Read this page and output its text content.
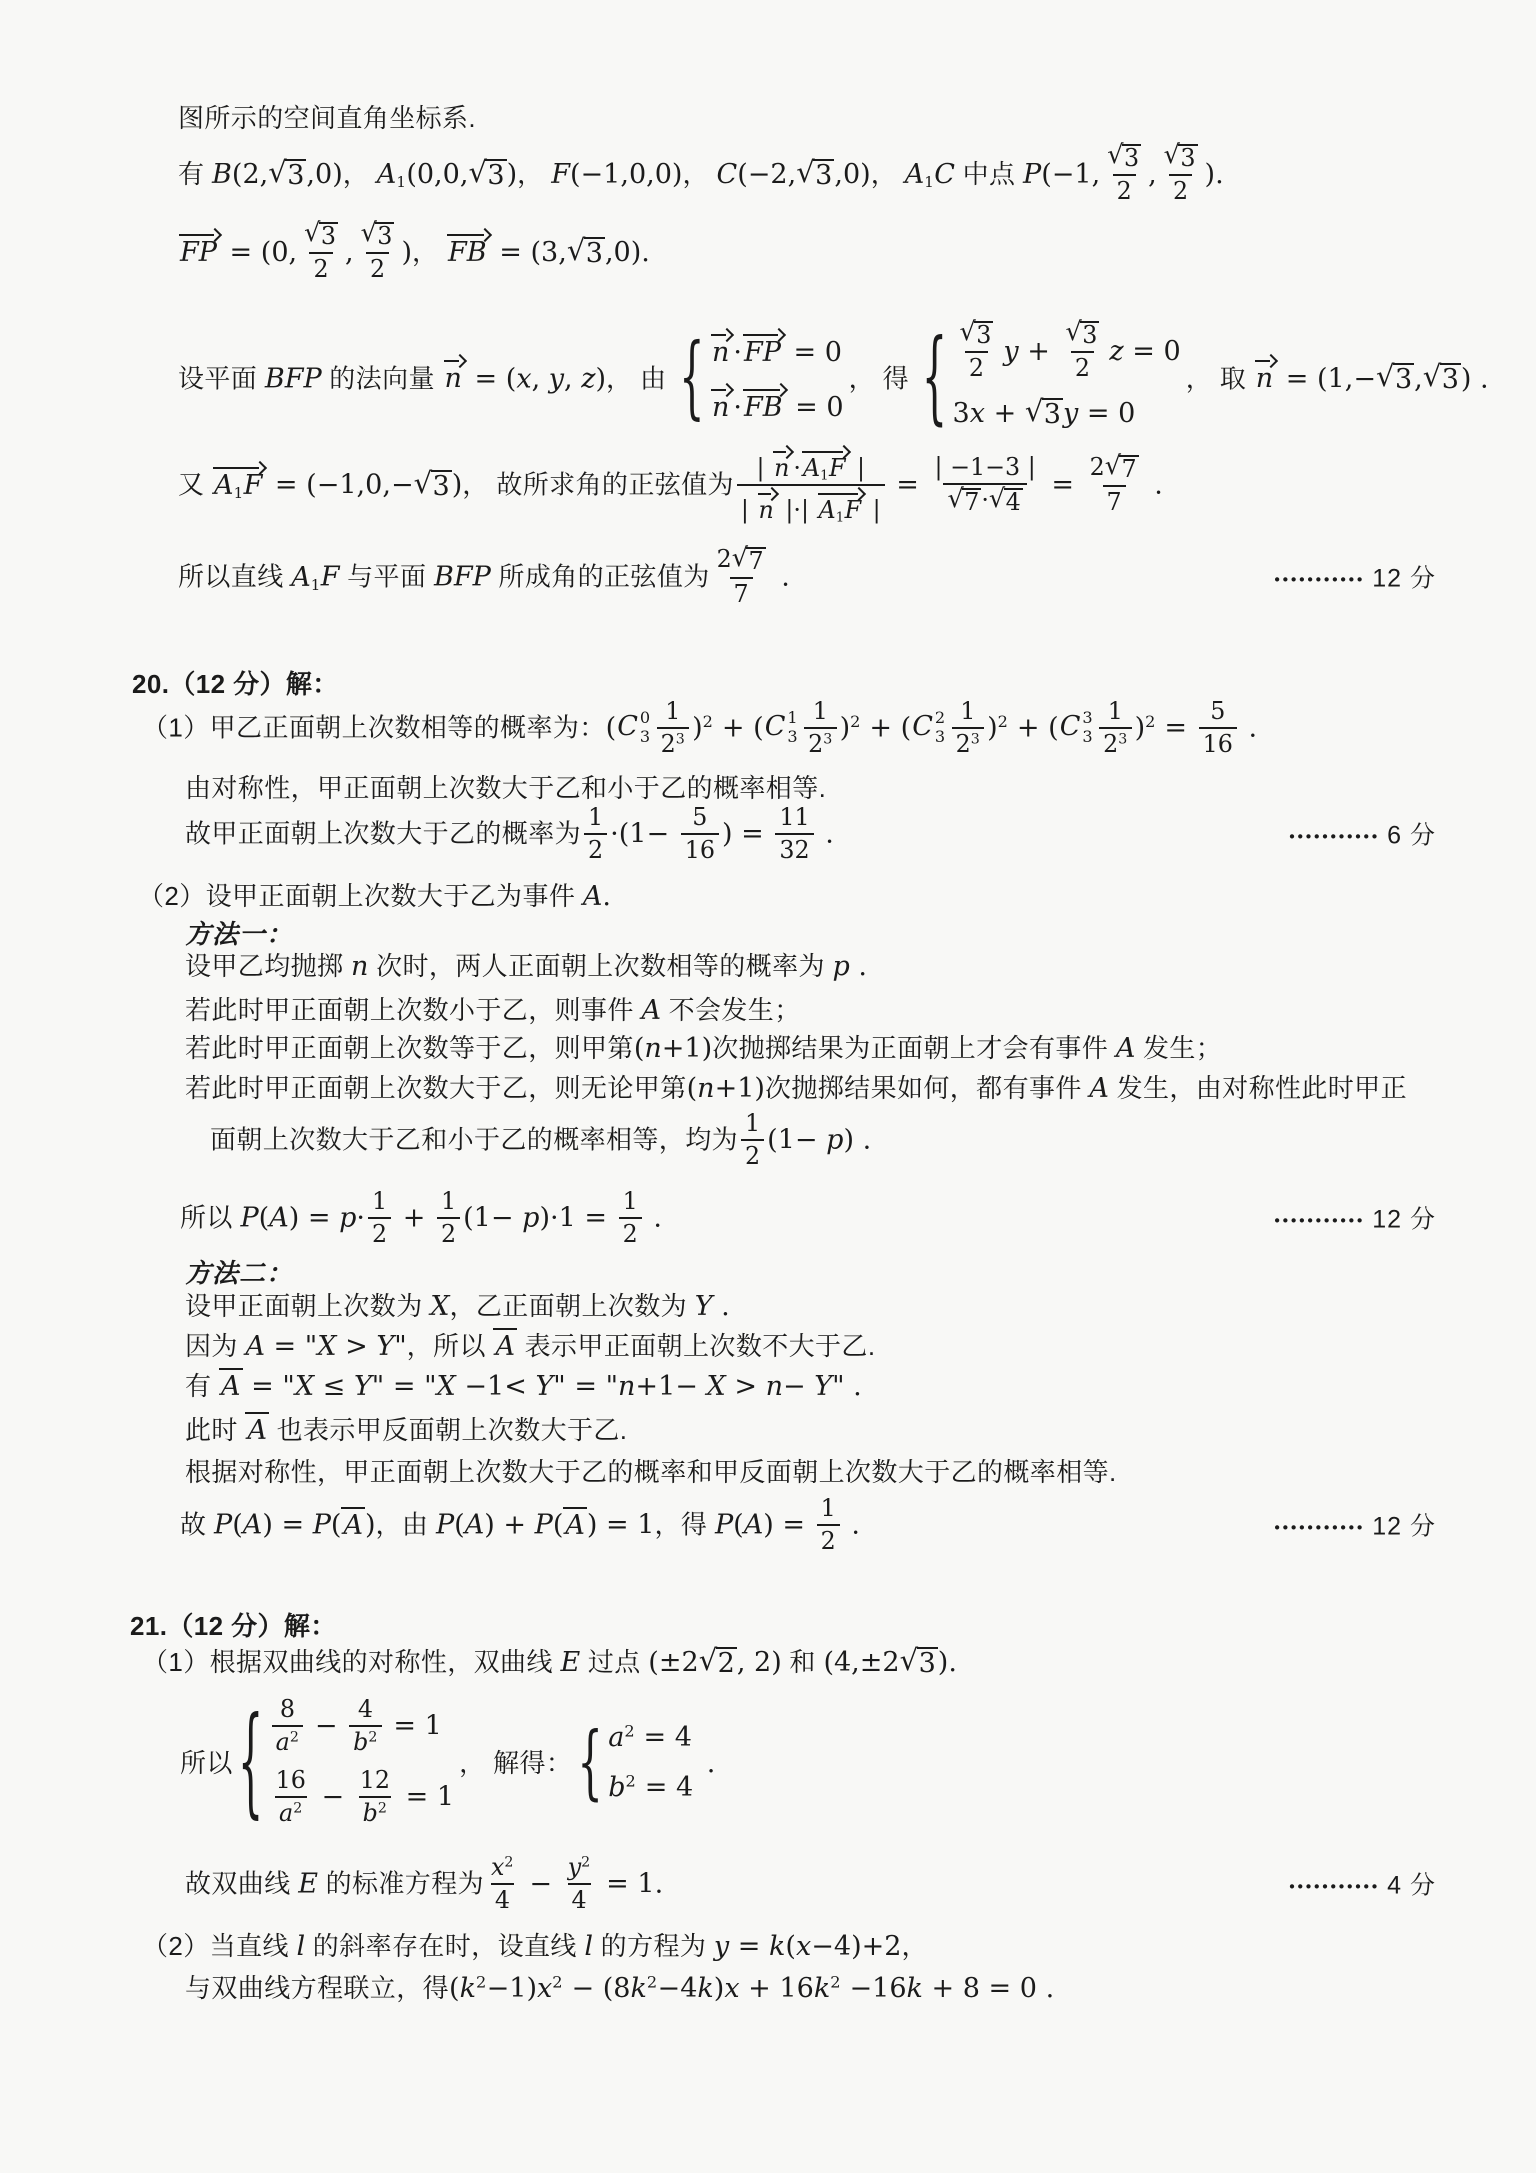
图所示的空间直角坐标系.
有 B(2, √ 3 ,0)， $A_1(0,0$, √ 3 )， F(−1,0,0)， C(−2, √ 3 ,0)， $A_1C$ 中点 P(−1, $\frac{√ 3}{2}$ , $\frac{√ 3}{2}$ ).
FP = (0, $\frac{√ 3}{2}$ , $\frac{√ 3}{2}$ )， FB = (3, √ 3 ,0).
设平面 BFP 的法向量 n = (x, y, z)， 由 { n ·FP = 0
n ·FB = 0
， 得 { $\frac{√ 3}{2}$ $y + \frac{√ 3}{2}$ z = 0
3x + √ 3 y = 0
， 取 n = (1,− √ 3 , √ 3 ) .
又 $A_1F = (-1,0,-$ √ 3 )， 故所求角的正弦值为 $\frac{| n \cdot A_1F |}{| n |\cdot| A_1F |} = \frac{| -1-3 |}{√ 7 \cdot √ 4} = \frac{2 √ 7}{7}$ .
所以直线 $A_1F$ 与平面 BFP 所成角的正弦值为 $\frac{2 √ 7}{7}$ .	••••••••••• 12 分
20.（12 分）解：
（1）甲乙正面朝上次数相等的概率为：( C 0
$3 \frac{1}{2^3} )^2$ + ( C 1
$3 \frac{1}{2^3} )^2$ + ( C 2
$3 \frac{1}{2^3} )^2$ + ( C 3
$3 \frac{1}{2^3} )^2 = \frac{5}{16}$ .
由对称性，甲正面朝上次数大于乙和小于乙的概率相等.
故甲正面朝上次数大于乙的概率为 $\frac{1}{2} \cdot(1- \frac{5}{16}$ ) = $\frac{11}{32}$ .	••••••••••• 6 分
（2）设甲正面朝上次数大于乙为事件 A.
方法一：
设甲乙均抛掷 n 次时，两人正面朝上次数相等的概率为 p .
若此时甲正面朝上次数小于乙，则事件 A 不会发生；
若此时甲正面朝上次数等于乙，则甲第(n+1)次抛掷结果为正面朝上才会有事件 A 发生；
若此时甲正面朝上次数大于乙，则无论甲第(n+1)次抛掷结果如何，都有事件 A 发生，由对称性此时甲正
面朝上次数大于乙和小于乙的概率相等，均为 $\frac{1}{2} (1- p)$ .
所以 $P(A) = p\cdot \frac{1}{2} + \frac{1}{2} (1- p)\cdot 1 = \frac{1}{2}$ .	••••••••••• 12 分
方法二：
设甲正面朝上次数为 X，乙正面朝上次数为 Y .
因为 A = "X > Y"，所以 A 表示甲正面朝上次数不大于乙.
有 A = "X ≤ Y" = "X −1< Y" = "n+1− X > n− Y" .
此时 A 也表示甲反面朝上次数大于乙.
根据对称性，甲正面朝上次数大于乙的概率和甲反面朝上次数大于乙的概率相等.
故 P(A) = P(A)，由 P(A) + P(A) = 1，得 $P(A) = \frac{1}{2}$ .	••••••••••• 12 分
21.（12 分）解：
（1）根据双曲线的对称性，双曲线 E 过点 (±2 √ 2 , 2) 和 (4,±2 √ 3 ).
所以 { $\frac{8}{a^2} - \frac{4}{b^2} = 1$
$\frac{16}{a^2} - \frac{12}{b^2} = 1$
， 解得： { $a^2 = 4$
$b^2 = 4$
.
故双曲线 E 的标准方程为 $\frac{x^2}{4} - \frac{y^2}{4} = 1$.	••••••••••• 4 分
（2）当直线 l 的斜率存在时，设直线 l 的方程为 y = k(x−4)+2，
与双曲线方程联立，得$(k^2-1)x^2 - (8k^2-4k)x + 16k^2 -16k + 8 = 0$ .
